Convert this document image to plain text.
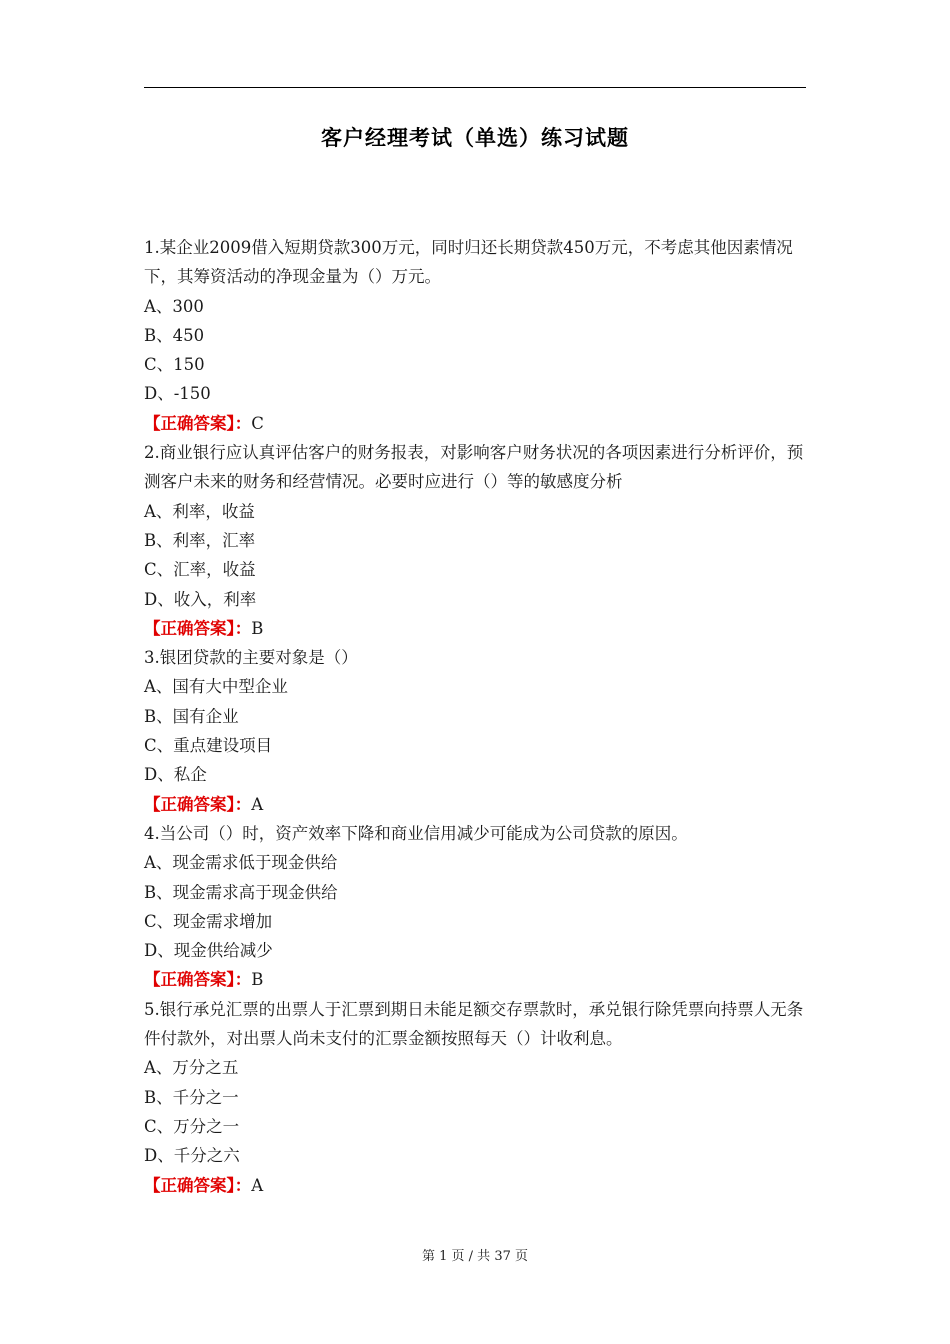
客户经理考试（单选）练习试题
1.某企业2009借入短期贷款300万元，同时归还长期贷款450万元，不考虑其他因素情况下，其筹资活动的净现金量为（）万元。
A、300
B、450
C、150
D、-150
【正确答案】：C
2.商业银行应认真评估客户的财务报表，对影响客户财务状况的各项因素进行分析评价，预测客户未来的财务和经营情况。必要时应进行（）等的敏感度分析
A、利率，收益
B、利率，汇率
C、汇率，收益
D、收入，利率
【正确答案】：B
3.银团贷款的主要对象是（）
A、国有大中型企业
B、国有企业
C、重点建设项目
D、私企
【正确答案】：A
4.当公司（）时，资产效率下降和商业信用减少可能成为公司贷款的原因。
A、现金需求低于现金供给
B、现金需求高于现金供给
C、现金需求增加
D、现金供给减少
【正确答案】：B
5.银行承兑汇票的出票人于汇票到期日未能足额交存票款时，承兑银行除凭票向持票人无条件付款外，对出票人尚未支付的汇票金额按照每天（）计收利息。
A、万分之五
B、千分之一
C、万分之一
D、千分之六
【正确答案】：A
第 1 页 / 共 37 页
